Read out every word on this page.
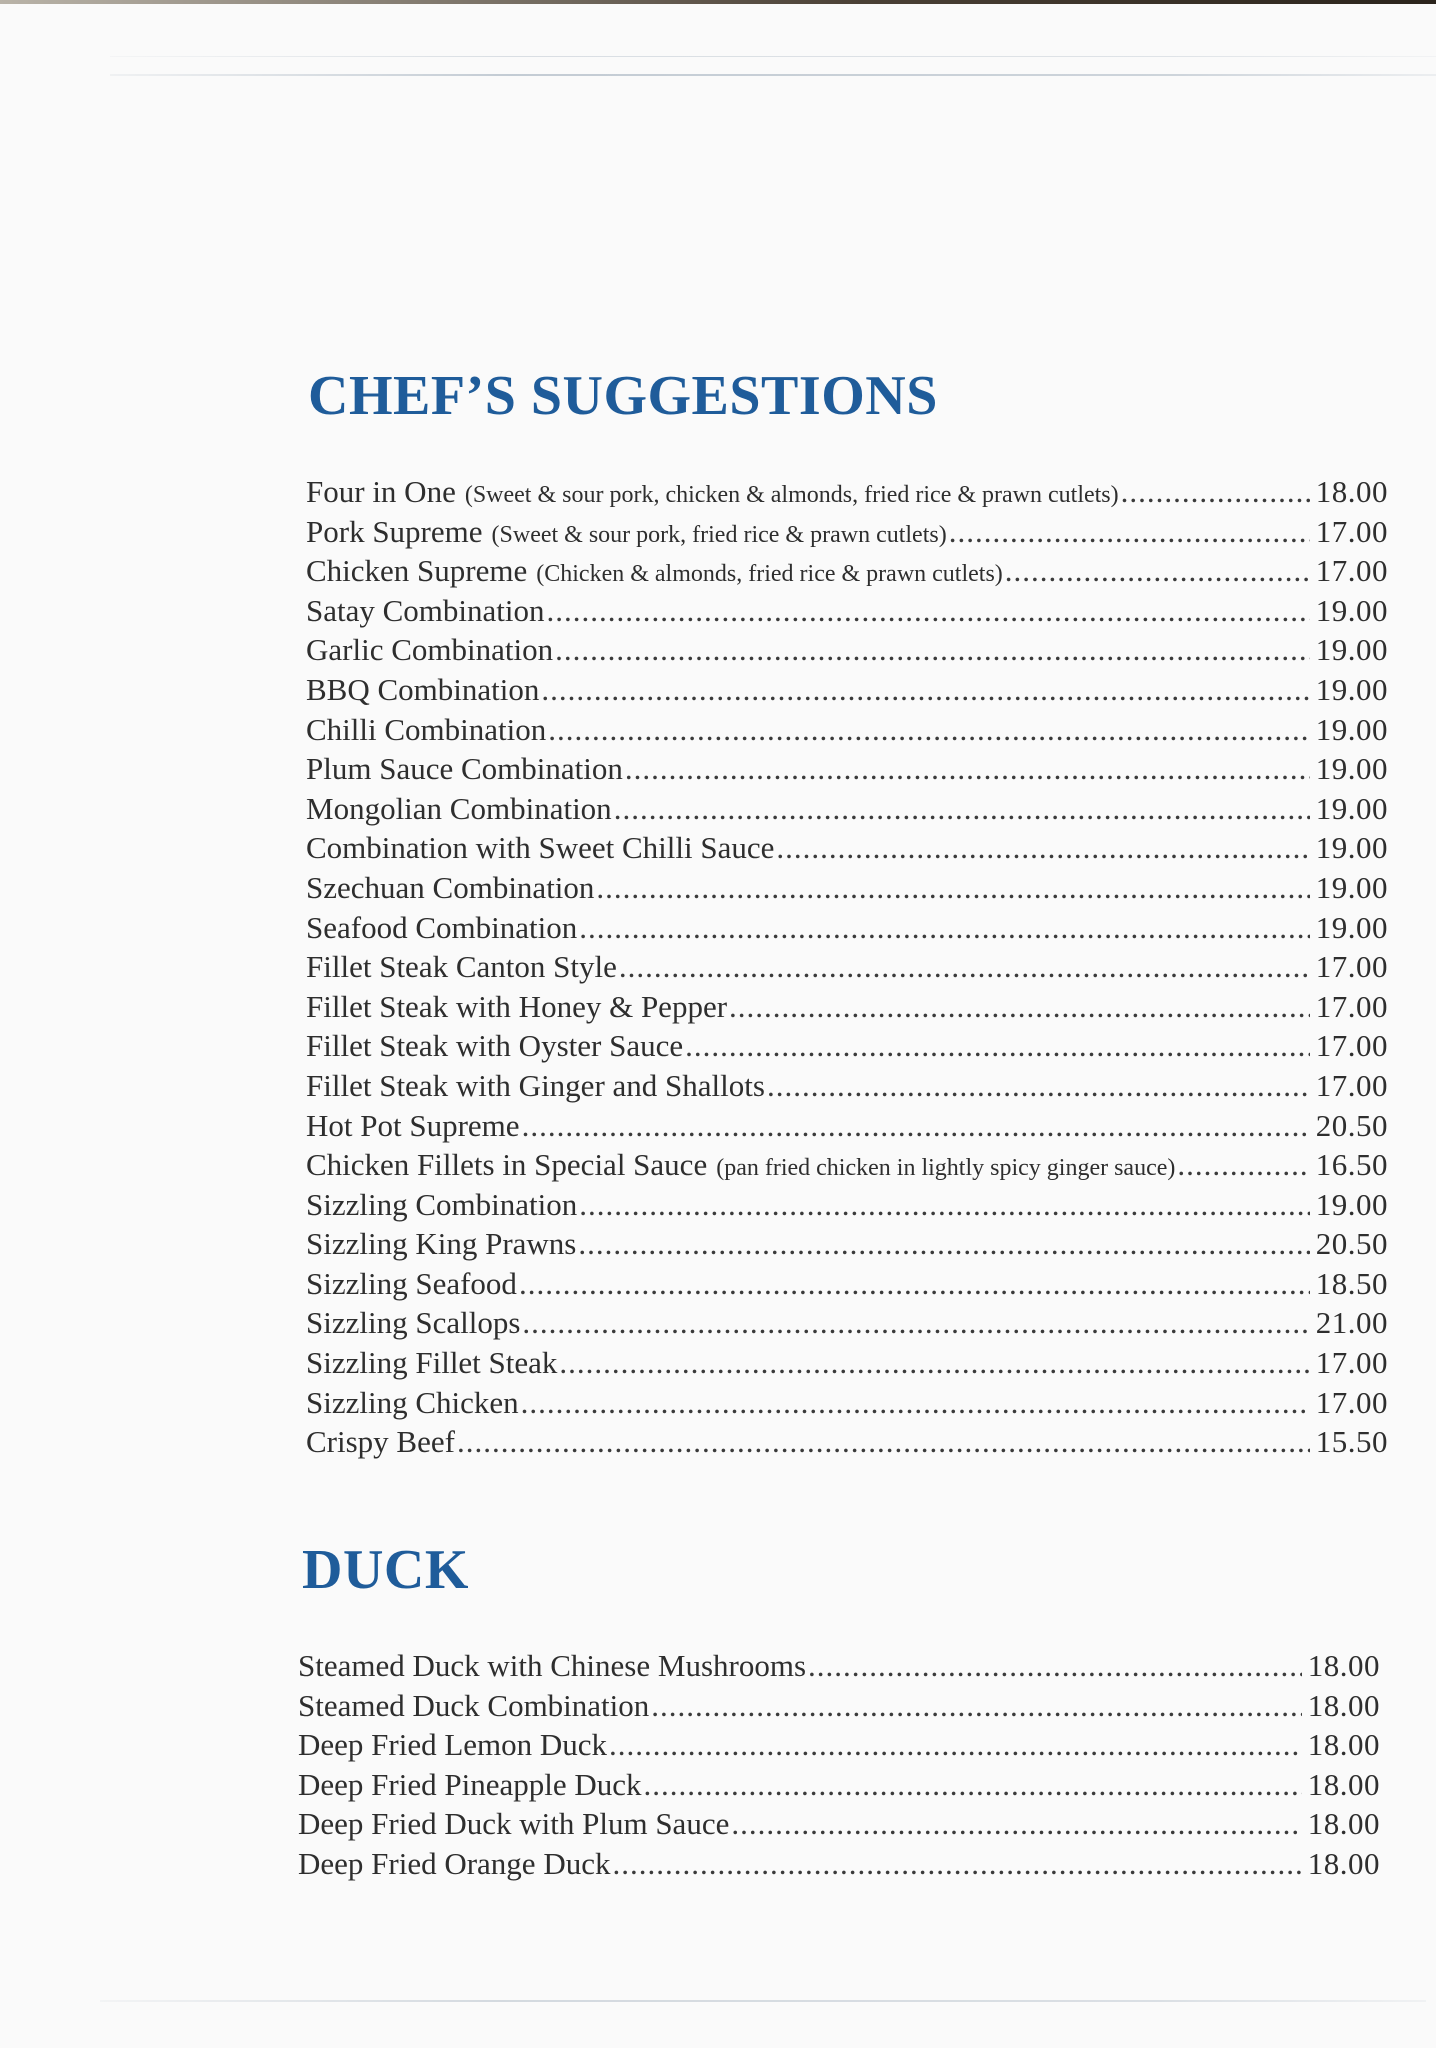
CHEF’S SUGGESTIONS
Four in One (Sweet & sour pork, chicken & almonds, fried rice & prawn cutlets) .....	18.00
Pork Supreme (Sweet & sour pork, fried rice & prawn cutlets) .....	17.00
Chicken Supreme (Chicken & almonds, fried rice & prawn cutlets) .....	17.00
Satay Combination .....	19.00
Garlic Combination .....	19.00
BBQ Combination .....	19.00
Chilli Combination .....	19.00
Plum Sauce Combination .....	19.00
Mongolian Combination .....	19.00
Combination with Sweet Chilli Sauce .....	19.00
Szechuan Combination .....	19.00
Seafood Combination .....	19.00
Fillet Steak Canton Style .....	17.00
Fillet Steak with Honey & Pepper .....	17.00
Fillet Steak with Oyster Sauce .....	17.00
Fillet Steak with Ginger and Shallots .....	17.00
Hot Pot Supreme .....	20.50
Chicken Fillets in Special Sauce (pan fried chicken in lightly spicy ginger sauce) .....	16.50
Sizzling Combination .....	19.00
Sizzling King Prawns .....	20.50
Sizzling Seafood .....	18.50
Sizzling Scallops .....	21.00
Sizzling Fillet Steak .....	17.00
Sizzling Chicken .....	17.00
Crispy Beef .....	15.50
DUCK
Steamed Duck with Chinese Mushrooms .....	18.00
Steamed Duck Combination .....	18.00
Deep Fried Lemon Duck .....	18.00
Deep Fried Pineapple Duck .....	18.00
Deep Fried Duck with Plum Sauce .....	18.00
Deep Fried Orange Duck .....	18.00
